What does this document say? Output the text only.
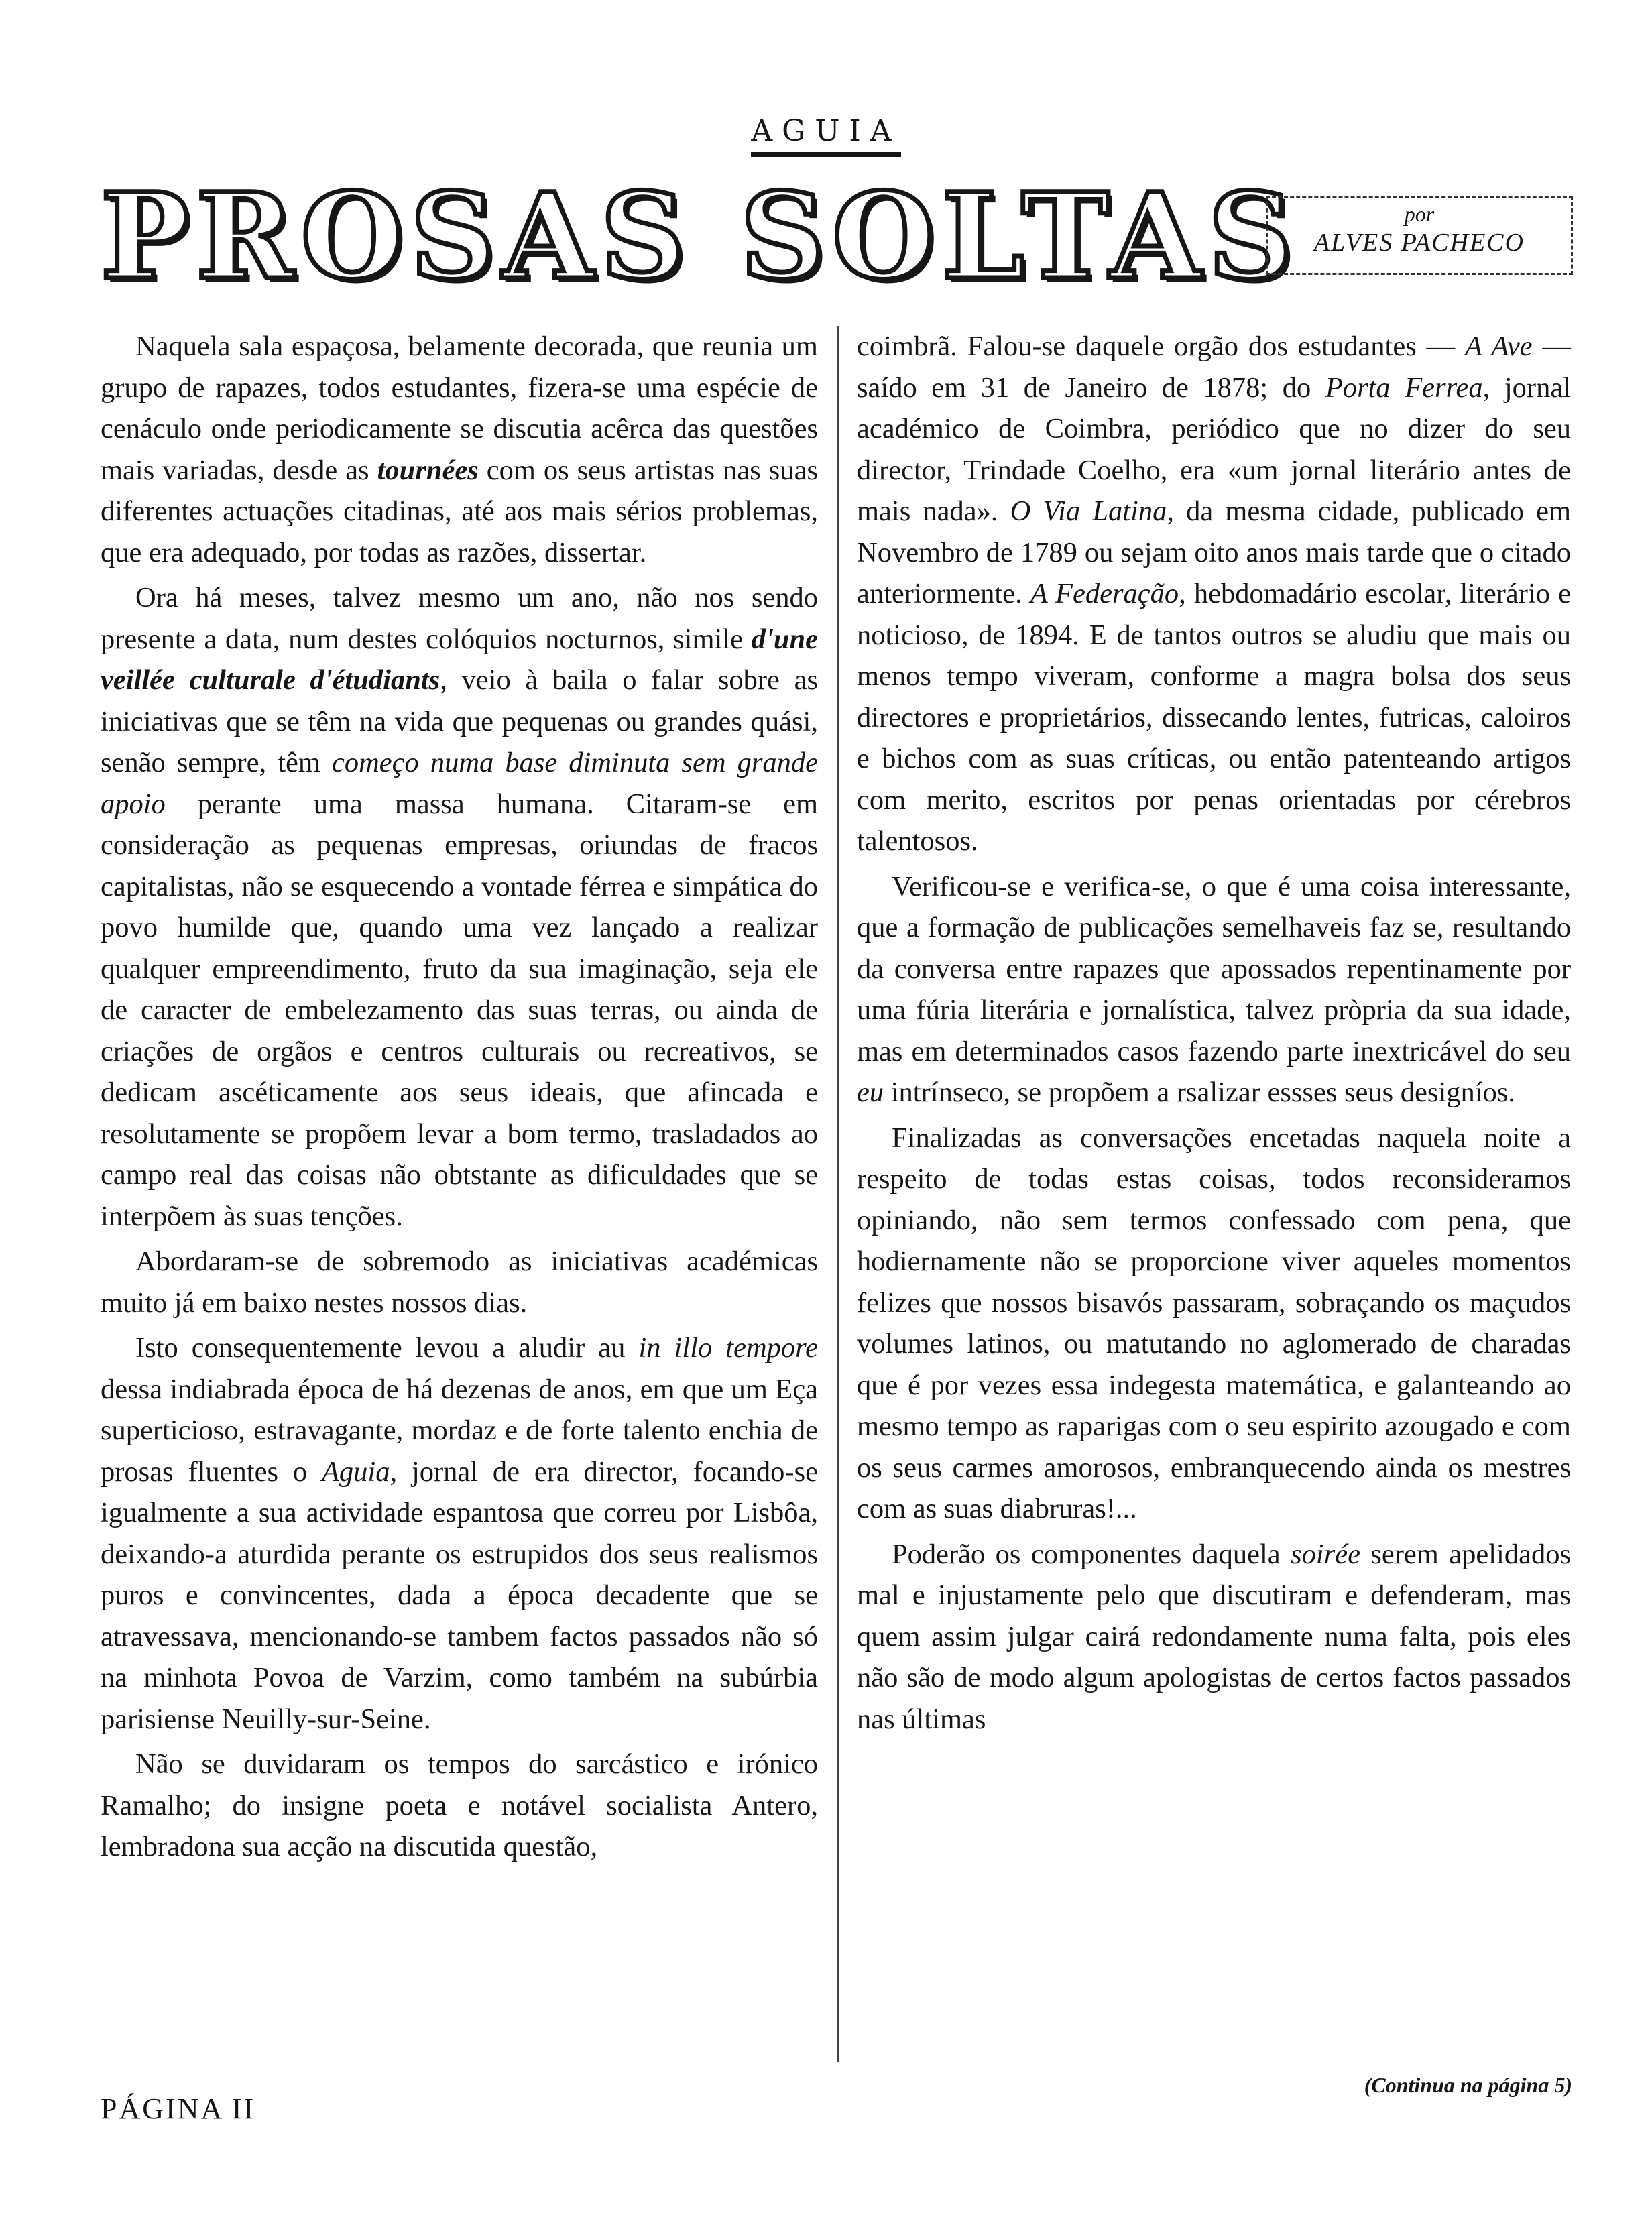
AGUIA
PROSAS SOLTAS	por
ALVES PACHECO

Naquela sala espaçosa, belamente decorada, que reunia um grupo de rapazes, todos estudantes, fizera-se uma espécie de cenáculo onde periodicamente se discutia acêrca das questões mais variadas, desde as tournées com os seus artistas nas suas diferentes actuações citadinas, até aos mais sérios problemas, que era adequado, por todas as razões, dissertar.

Ora há meses, talvez mesmo um ano, não nos sendo presente a data, num destes colóquios nocturnos, simile d'une veillée culturale d'étudiants, veio à baila o falar sobre as iniciativas que se têm na vida que pequenas ou grandes quási, senão sempre, têm começo numa base diminuta sem grande apoio perante uma massa humana. Citaram-se em consideração as pequenas empresas, oriundas de fracos capitalistas, não se esquecendo a vontade férrea e simpática do povo humilde que, quando uma vez lançado a realizar qualquer empreendimento, fruto da sua imaginação, seja ele de caracter de embelezamento das suas terras, ou ainda de criações de orgãos e centros culturais ou recreativos, se dedicam ascéticamente aos seus ideais, que afincada e resolutamente se propõem levar a bom termo, trasladados ao campo real das coisas não obtstante as dificuldades que se interpõem às suas tenções.

Abordaram-se de sobremodo as iniciativas académicas muito já em baixo nestes nossos dias.

Isto consequentemente levou a aludir au in illo tempore dessa indiabrada época de há dezenas de anos, em que um Eça superticioso, estravagante, mordaz e de forte talento enchia de prosas fluentes o Aguia, jornal de era director, focando-se igualmente a sua actividade espantosa que correu por Lisbôa, deixando-a aturdida perante os estrupidos dos seus realismos puros e convincentes, dada a época decadente que se atravessava, mencionando-se tambem factos passados não só na minhota Povoa de Varzim, como também na subúrbia parisiense Neuilly-sur-Seine.

Não se duvidaram os tempos do sarcástico e irónico Ramalho; do insigne poeta e notável socialista Antero, lembradona sua acção na discutida questão,

coimbrã. Falou-se daquele orgão dos estudantes — A Ave — saído em 31 de Janeiro de 1878; do Porta Ferrea, jornal académico de Coimbra, periódico que no dizer do seu director, Trindade Coelho, era «um jornal literário antes de mais nada». O Via Latina, da mesma cidade, publicado em Novembro de 1789 ou sejam oito anos mais tarde que o citado anteriormente. A Federação, hebdomadário escolar, literário e noticioso, de 1894. E de tantos outros se aludiu que mais ou menos tempo viveram, conforme a magra bolsa dos seus directores e proprietários, dissecando lentes, futricas, caloiros e bichos com as suas críticas, ou então patenteando artigos com merito, escritos por penas orientadas por cérebros talentosos.

Verificou-se e verifica-se, o que é uma coisa interessante, que a formação de publicações semelhaveis faz se, resultando da conversa entre rapazes que apossados repentinamente por uma fúria literária e jornalística, talvez pròpria da sua idade, mas em determinados casos fazendo parte inextricável do seu eu intrínseco, se propõem a rsalizar essses seus designíos.

Finalizadas as conversações encetadas naquela noite a respeito de todas estas coisas, todos reconsideramos opiniando, não sem termos confessado com pena, que hodiernamente não se proporcione viver aqueles momentos felizes que nossos bisavós passaram, sobraçando os maçudos volumes latinos, ou matutando no aglomerado de charadas que é por vezes essa indegesta matemática, e galanteando ao mesmo tempo as raparigas com o seu espirito azougado e com os seus carmes amorosos, embranquecendo ainda os mestres com as suas diabruras!...

Poderão os componentes daquela soirée serem apelidados mal e injustamente pelo que discutiram e defenderam, mas quem assim julgar cairá redondamente numa falta, pois eles não são de modo algum apologistas de certos factos passados nas últimas

(Continua na página 5)
PÁGINA II
